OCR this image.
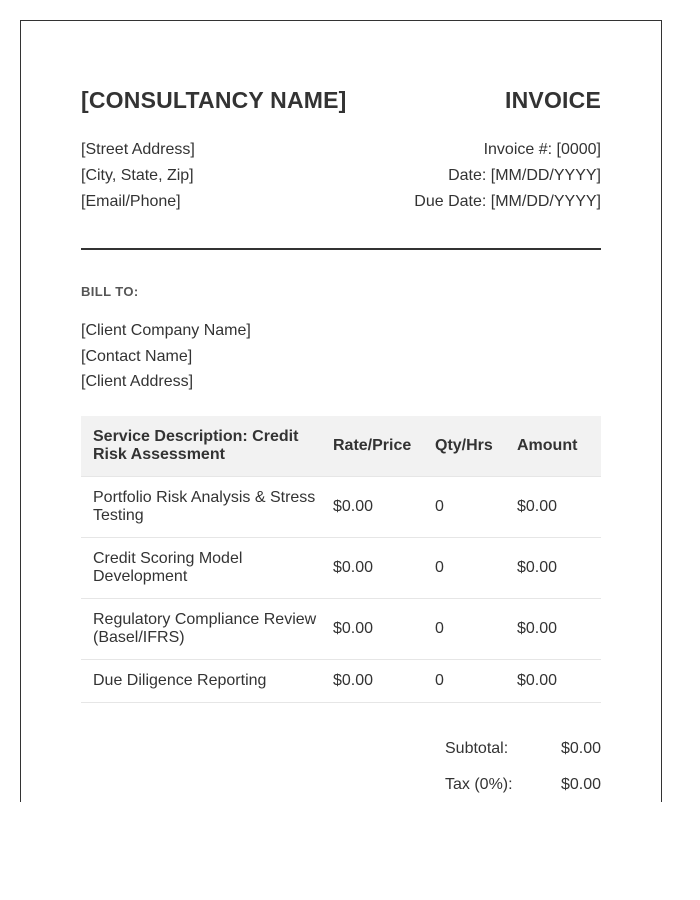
[CONSULTANCY NAME]	INVOICE
[Street Address]
[City, State, Zip]
[Email/Phone]
Invoice #: [0000]
Date: [MM/DD/YYYY]
Due Date: [MM/DD/YYYY]
BILL TO:
[Client Company Name]
[Contact Name]
[Client Address]
Service Description: Credit Risk Assessment	Rate/Price	Qty/Hrs	Amount
Portfolio Risk Analysis & Stress Testing	$0.00	0	$0.00
Credit Scoring Model Development	$0.00	0	$0.00
Regulatory Compliance Review (Basel/IFRS)	$0.00	0	$0.00
Due Diligence Reporting	$0.00	0	$0.00
Subtotal:	$0.00
Tax (0%):	$0.00
